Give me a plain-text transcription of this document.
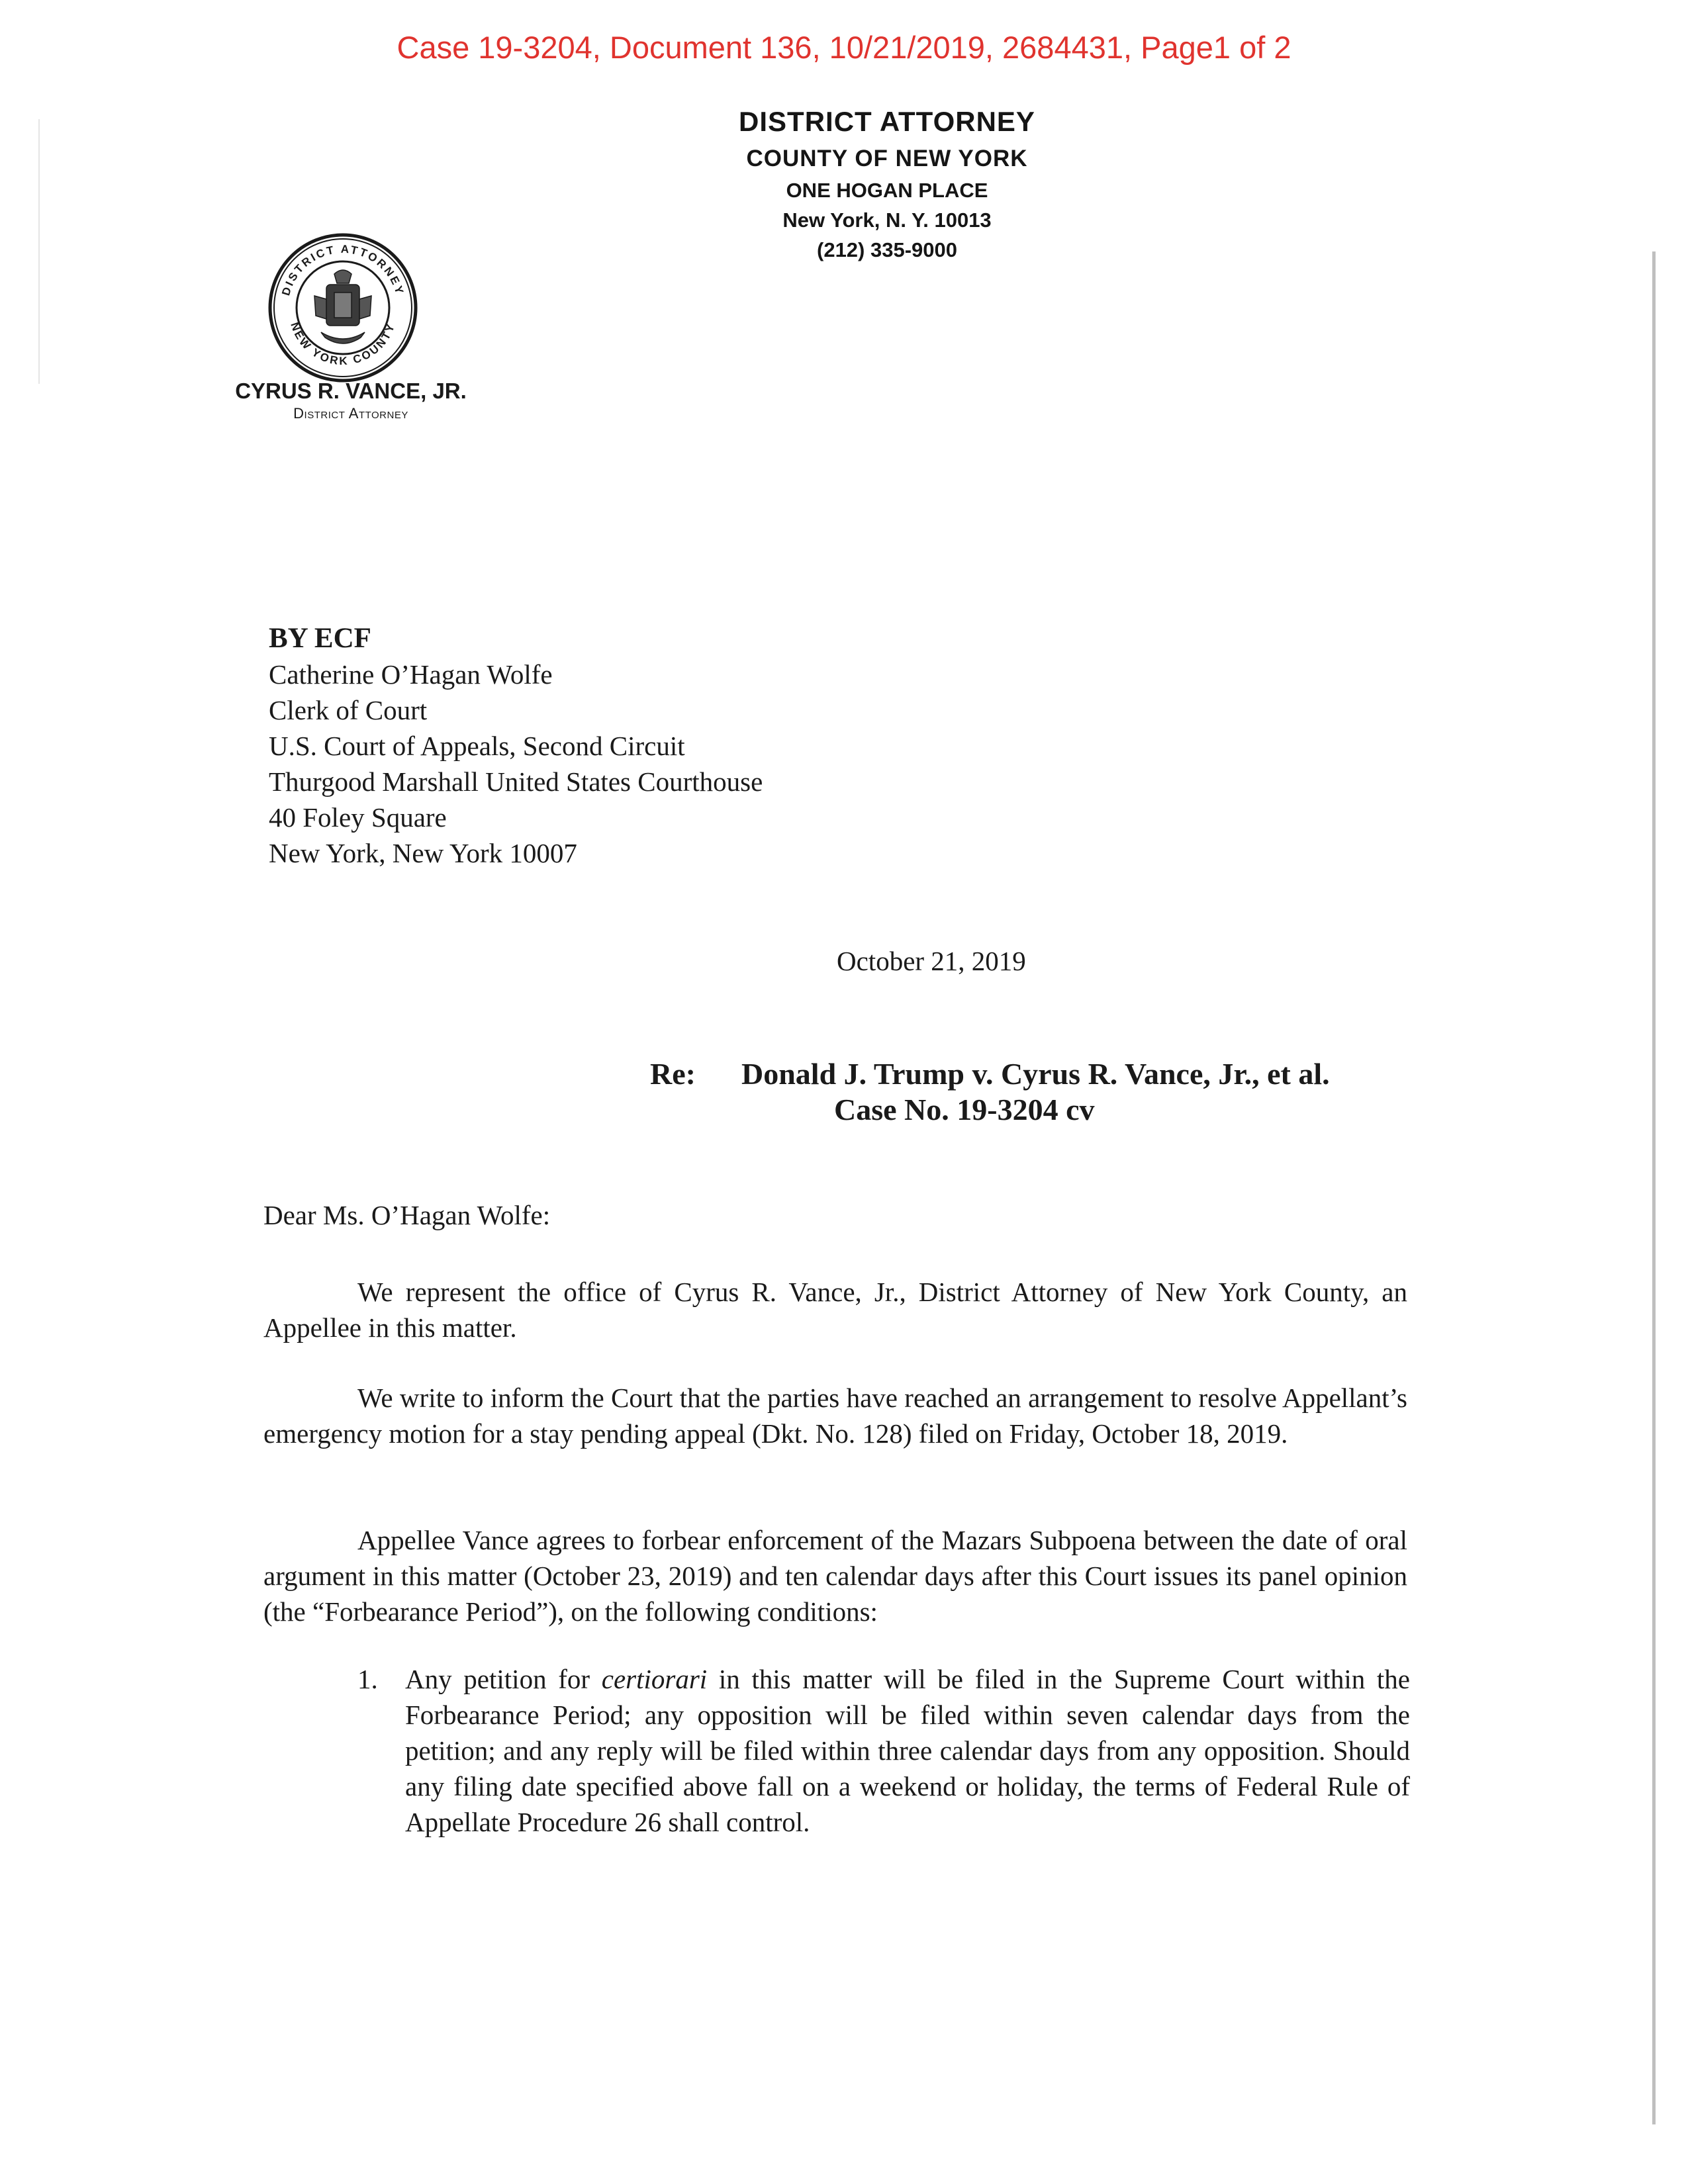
Case 19-3204, Document 136, 10/21/2019, 2684431, Page1 of 2
DISTRICT ATTORNEY
COUNTY OF NEW YORK
ONE HOGAN PLACE
New York, N. Y. 10013
(212) 335-9000
DISTRICT ATTORNEY
NEW YORK COUNTY
CYRUS R. VANCE, JR.
District Attorney
BY ECF
Catherine O’Hagan Wolfe
Clerk of Court
U.S. Court of Appeals, Second Circuit
Thurgood Marshall United States Courthouse
40 Foley Square
New York, New York 10007
October 21, 2019
Re: Donald J. Trump v. Cyrus R. Vance, Jr., et al.
Case No. 19-3204 cv
Dear Ms. O’Hagan Wolfe:

We represent the office of Cyrus R. Vance, Jr., District Attorney of New York County, an Appellee in this matter.

We write to inform the Court that the parties have reached an arrangement to resolve Appellant’s emergency motion for a stay pending appeal (Dkt. No. 128) filed on Friday, October 18, 2019.

Appellee Vance agrees to forbear enforcement of the Mazars Subpoena between the date of oral argument in this matter (October 23, 2019) and ten calendar days after this Court issues its panel opinion (the “Forbearance Period”), on the following conditions:

1. Any petition for certiorari in this matter will be filed in the Supreme Court within the Forbearance Period; any opposition will be filed within seven calendar days from the petition; and any reply will be filed within three calendar days from any opposition. Should any filing date specified above fall on a weekend or holiday, the terms of Federal Rule of Appellate Procedure 26 shall control.
